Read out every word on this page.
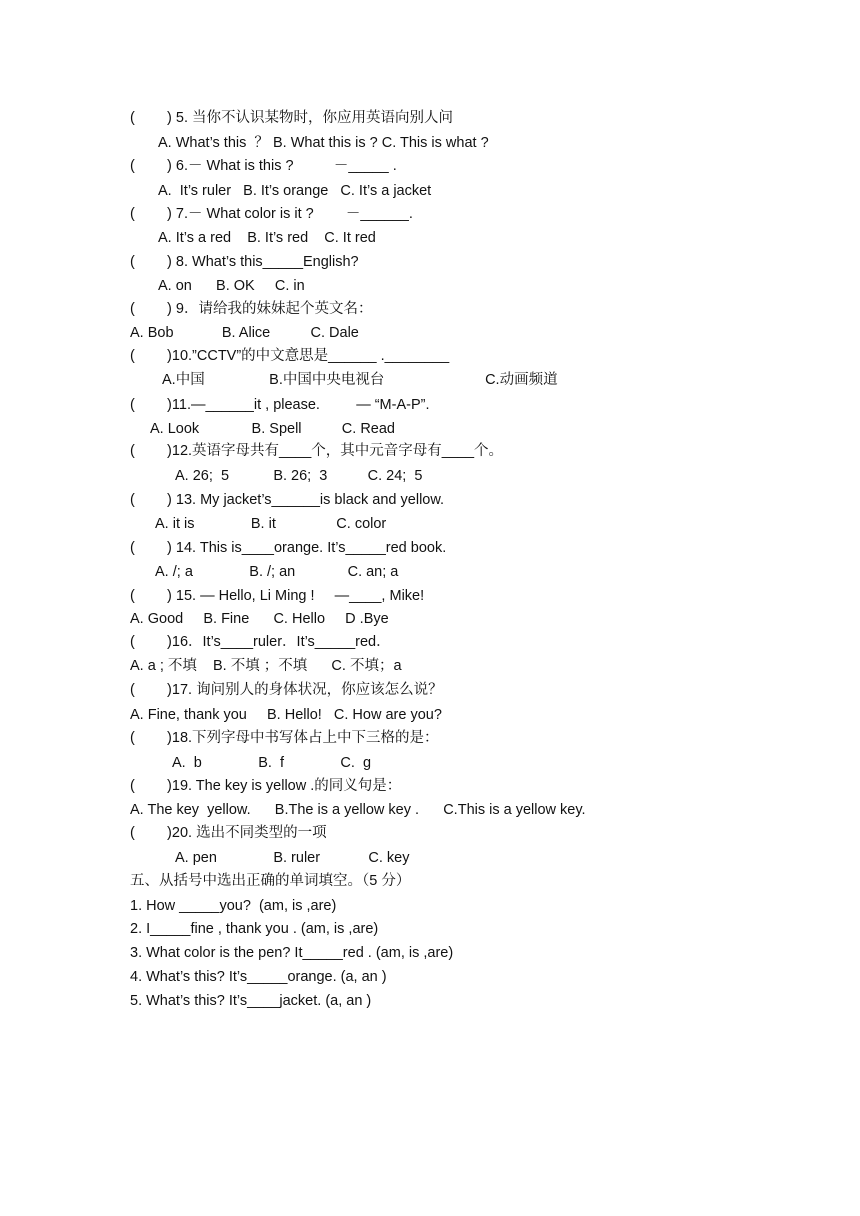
(        ) 5. 当你不认识某物时，你应用英语向别人问
A. What’s this  ？ B. What this is ? C. This is what ?
(        ) 6.－ What is this ?          －_____ .
A.  It’s ruler   B. It’s orange   C. It’s a jacket
(        ) 7.－ What color is it ?        －______.
A. It’s a red    B. It’s red    C. It red
(        ) 8. What’s this_____English?
A. on      B. OK     C. in
(        ) 9．请给我的妹妹起个英文名：
A. Bob            B. Alice          C. Dale
(        )10.”CCTV”的中文意思是______ .________
A.中国                B.中国中央电视台                         C.动画频道
(        )11.—______it , please.         — “M-A-P”.
A. Look             B. Spell          C. Read
(        )12.英语字母共有____个，其中元音字母有____个。
A. 26;  5           B. 26;  3          C. 24;  5
(        ) 13. My jacket’s______is black and yellow.
A. it is              B. it               C. color
(        ) 14. This is____orange. It’s_____red book.
A. /; a              B. /; an             C. an; a
(        ) 15. — Hello, Li Ming !     —____, Mike!
A. Good     B. Fine      C. Hello     D .Bye
(        )16．It’s____ruler．It’s_____red．
A. a ; 不填    B. 不填 ；不填      C. 不填；a
(        )17. 询问别人的身体状况，你应该怎么说？
A. Fine, thank you     B. Hello!   C. How are you?
(        )18.下列字母中书写体占上中下三格的是：
A.  b              B.  f              C.  g
(        )19. The key is yellow .的同义句是：
A. The key  yellow.      B.The is a yellow key .      C.This is a yellow key.
(        )20. 选出不同类型的一项
A. pen              B. ruler            C. key
五、从括号中选出正确的单词填空。（5 分）
1. How _____you?  (am, is ,are)
2. I_____fine , thank you . (am, is ,are)
3. What color is the pen? It_____red . (am, is ,are)
4. What’s this? It’s_____orange. (a, an )
5. What’s this? It’s____jacket. (a, an )
